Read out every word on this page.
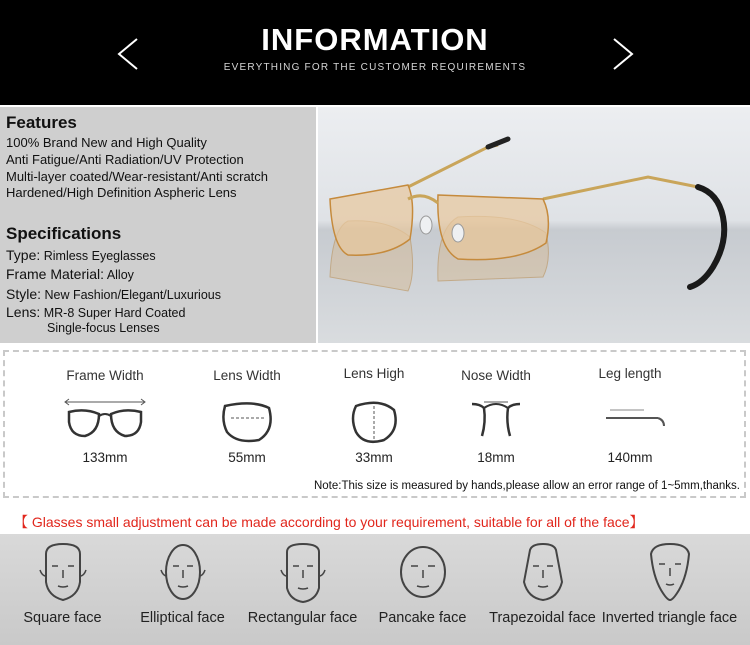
INFORMATION
EVERYTHING FOR THE CUSTOMER REQUIREMENTS
Features
100% Brand New and High Quality
Anti Fatigue/Anti Radiation/UV Protection
Multi-layer coated/Wear-resistant/Anti scratch
Hardened/High Definition Aspheric Lens
Specifications
Type: Rimless Eyeglasses
Frame Material: Alloy
Style: New Fashion/Elegant/Luxurious
Lens: MR-8 Super Hard Coated
Single-focus Lenses
Frame Width
133mm
Lens Width
55mm
Lens High
33mm
Nose Width
18mm
Leg length
140mm
Note:This size is measured by hands,please allow an error range of 1~5mm,thanks.
【 Glasses small adjustment can be made according to your requirement, suitable for all of the face】
Square face	Elliptical face	Rectangular face	Pancake face	Trapezoidal face Inverted triangle face
